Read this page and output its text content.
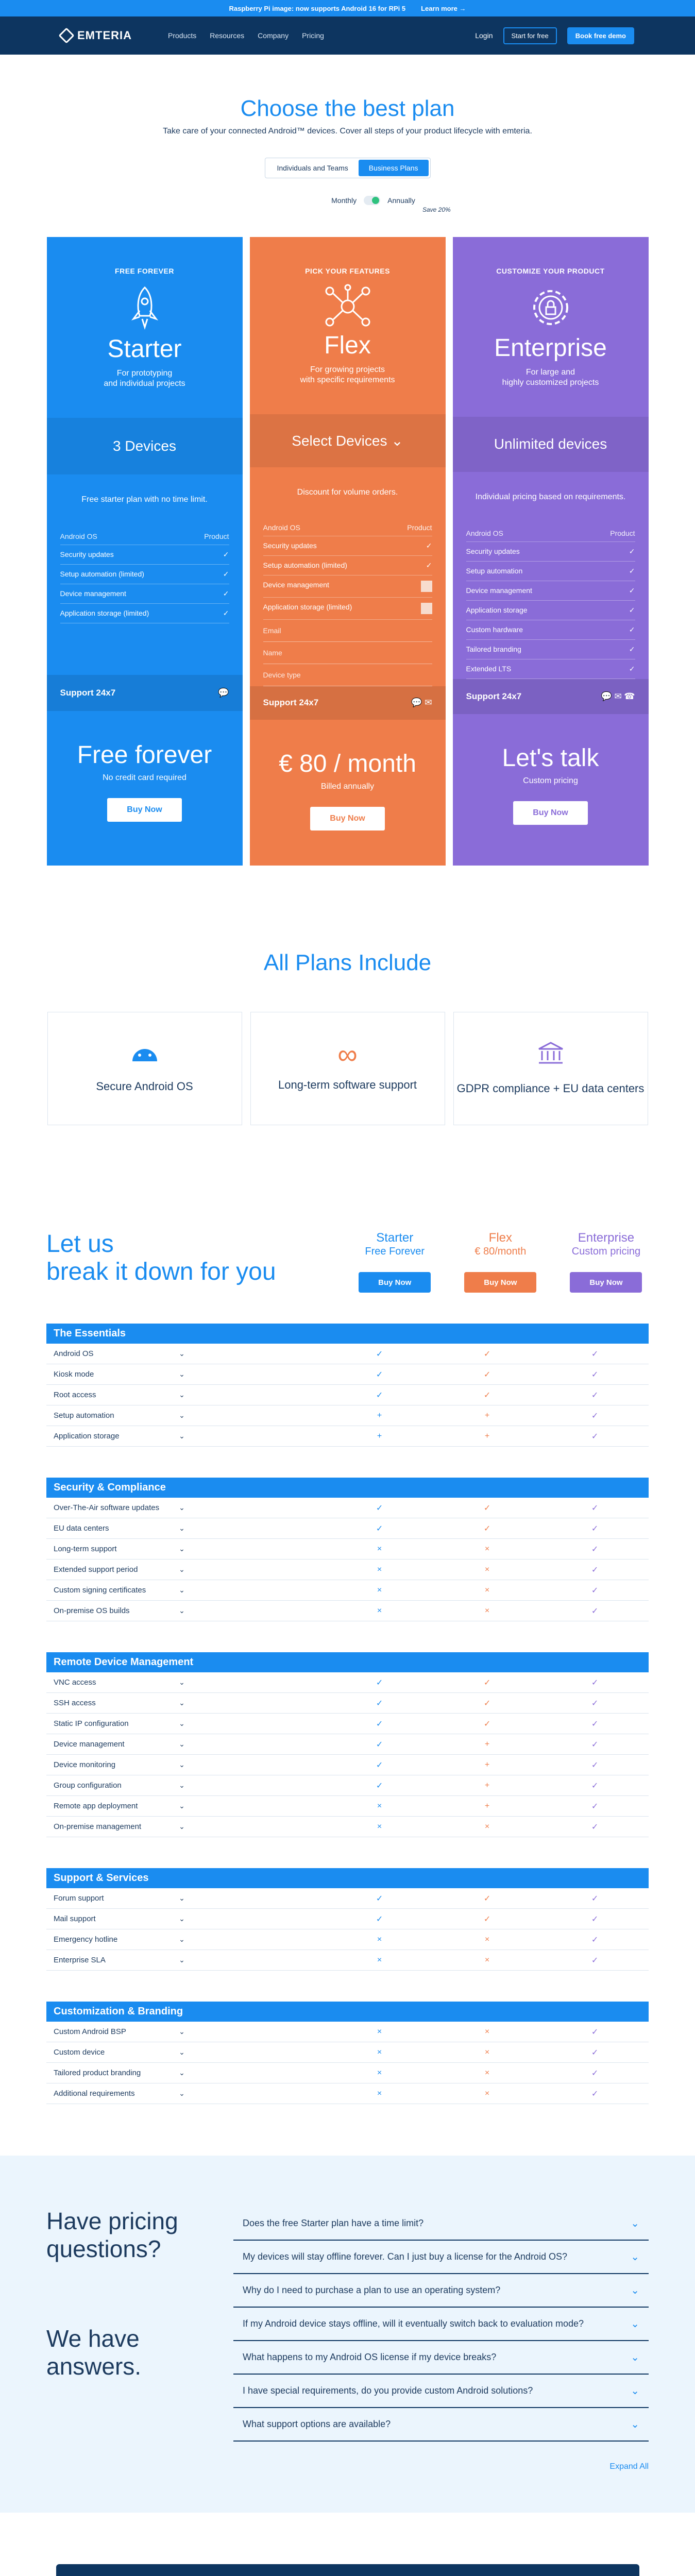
Raspberry Pi image: now supports Android 16 for RPi 5 Learn more →
EMTERIA	Products Resources Company Pricing	Login	Start for free	Book free demo
Choose the best plan

Take care of your connected Android™ devices. Cover all steps of your product lifecycle with emteria.

Individuals and Teams	Business Plans
Monthly	Annually
Save 20%
FREE FOREVER
Starter
For prototyping
and individual projects
3 Devices
Free starter plan with no time limit.
Android OS	Product
Security updates	✓
Setup automation (limited)	✓
Device management	✓
Application storage (limited)	✓
Support 24x7	💬
Free forever
No credit card required
Buy Now
PICK YOUR FEATURES
Flex
For growing projects
with specific requirements
Select Devices ⌄
Discount for volume orders.
Android OS	Product
Security updates	✓
Setup automation (limited)	✓
Device management
Application storage (limited)
Email
Name
Device type
Support 24x7	💬 ✉
€ 80 / month
Billed annually
Buy Now
CUSTOMIZE YOUR PRODUCT
Enterprise
For large and
highly customized projects
Unlimited devices
Individual pricing based on requirements.
Android OS	Product
Security updates	✓
Setup automation	✓
Device management	✓
Application storage	✓
Custom hardware	✓
Tailored branding	✓
Extended LTS	✓
Support 24x7	💬 ✉ ☎
Let's talk
Custom pricing
Buy Now
All Plans Include
Secure Android OS
∞
Long-term software support	GDPR compliance + EU data centers
Let us
break it down for you
Starter
Free Forever
Buy Now
Flex
€ 80/month
Buy Now
Enterprise
Custom pricing
Buy Now
The Essentials
Android OS	⌄	✓	✓	✓
Kiosk mode	⌄	✓	✓	✓
Root access	⌄	✓	✓	✓
Setup automation	⌄	+	+	✓
Application storage	⌄	+	+	✓
Security & Compliance
Over-The-Air software updates	⌄	✓	✓	✓
EU data centers	⌄	✓	✓	✓
Long-term support	⌄	×	×	✓
Extended support period	⌄	×	×	✓
Custom signing certificates	⌄	×	×	✓
On-premise OS builds	⌄	×	×	✓
Remote Device Management
VNC access	⌄	✓	✓	✓
SSH access	⌄	✓	✓	✓
Static IP configuration	⌄	✓	✓	✓
Device management	⌄	✓	+	✓
Device monitoring	⌄	✓	+	✓
Group configuration	⌄	✓	+	✓
Remote app deployment	⌄	×	+	✓
On-premise management	⌄	×	×	✓
Support & Services
Forum support	⌄	✓	✓	✓
Mail support	⌄	✓	✓	✓
Emergency hotline	⌄	×	×	✓
Enterprise SLA	⌄	×	×	✓
Customization & Branding
Custom Android BSP	⌄	×	×	✓
Custom device	⌄	×	×	✓
Tailored product branding	⌄	×	×	✓
Additional requirements	⌄	×	×	✓
Have pricing
questions?
We have
answers.
Does the free Starter plan have a time limit?	⌄
My devices will stay offline forever. Can I just buy a license for the Android OS?	⌄
Why do I need to purchase a plan to use an operating system?	⌄
If my Android device stays offline, will it eventually switch back to evaluation mode?	⌄
What happens to my Android OS license if my device breaks?	⌄
I have special requirements, do you provide custom Android solutions?	⌄
What support options are available?	⌄
Expand All
